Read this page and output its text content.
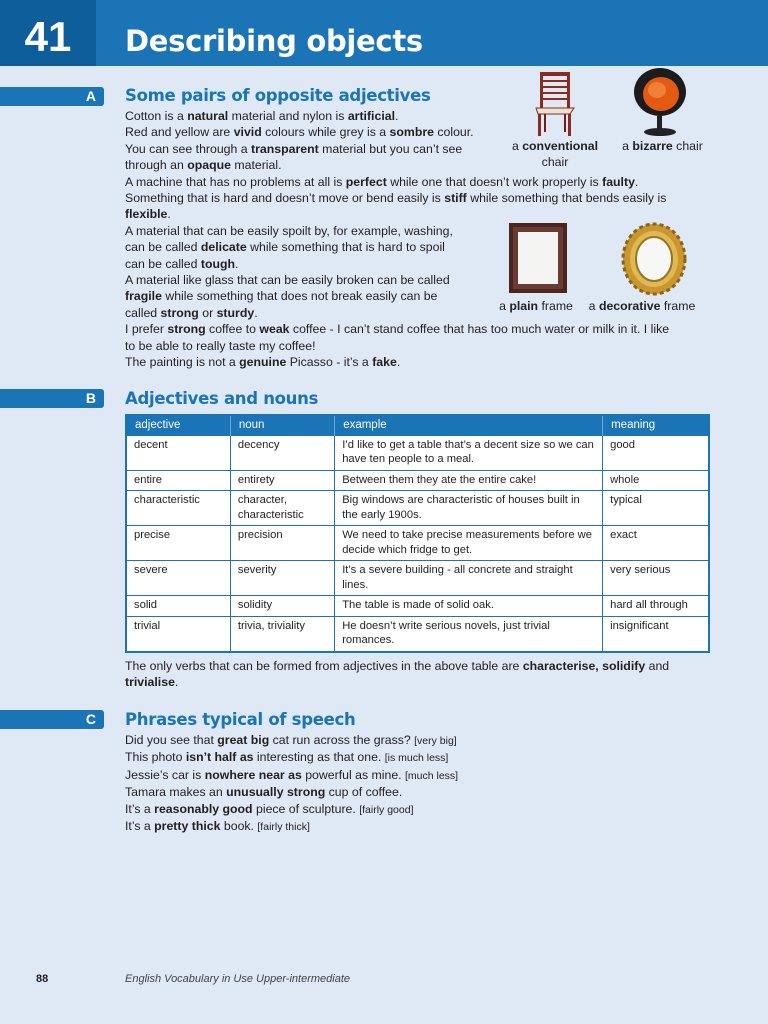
41	Describing objects
A	Some pairs of opposite adjectives

Cotton is a natural material and nylon is artificial.

Red and yellow are vivid colours while grey is a sombre colour.

You can see through a transparent material but you can’t see

through an opaque material.

A machine that has no problems at all is perfect while one that doesn’t work properly is faulty.

Something that is hard and doesn’t move or bend easily is stiff while something that bends easily is

flexible.

A material that can be easily spoilt by, for example, washing,

can be called delicate while something that is hard to spoil

can be called tough.

A material like glass that can be easily broken can be called

fragile while something that does not break easily can be

called strong or sturdy.

I prefer strong coffee to weak coffee - I can’t stand coffee that has too much water or milk in it. I like

to be able to really taste my coffee!

The painting is not a genuine Picasso - it’s a fake.

a conventional chair
a bizarre chair
a plain frame	a decorative frame
B	Adjectives and nouns
adjective	noun	example	meaning
decent	decency	I’d like to get a table that’s a decent size so we can have ten people to a meal.	good
entire	entirety	Between them they ate the entire cake!	whole
characteristic	character, characteristic	Big windows are characteristic of houses built in the early 1900s.	typical
precise	precision	We need to take precise measurements before we decide which fridge to get.	exact
severe	severity	It’s a severe building - all concrete and straight lines.	very serious
solid	solidity	The table is made of solid oak.	hard all through
trivial	trivia, triviality	He doesn’t write serious novels, just trivial romances.	insignificant

The only verbs that can be formed from adjectives in the above table are characterise, solidify and

trivialise.

C	Phrases typical of speech

Did you see that great big cat run across the grass? [very big]

This photo isn’t half as interesting as that one. [is much less]

Jessie’s car is nowhere near as powerful as mine. [much less]

Tamara makes an unusually strong cup of coffee.

It’s a reasonably good piece of sculpture. [fairly good]

It’s a pretty thick book. [fairly thick]

88	English Vocabulary in Use Upper-intermediate
